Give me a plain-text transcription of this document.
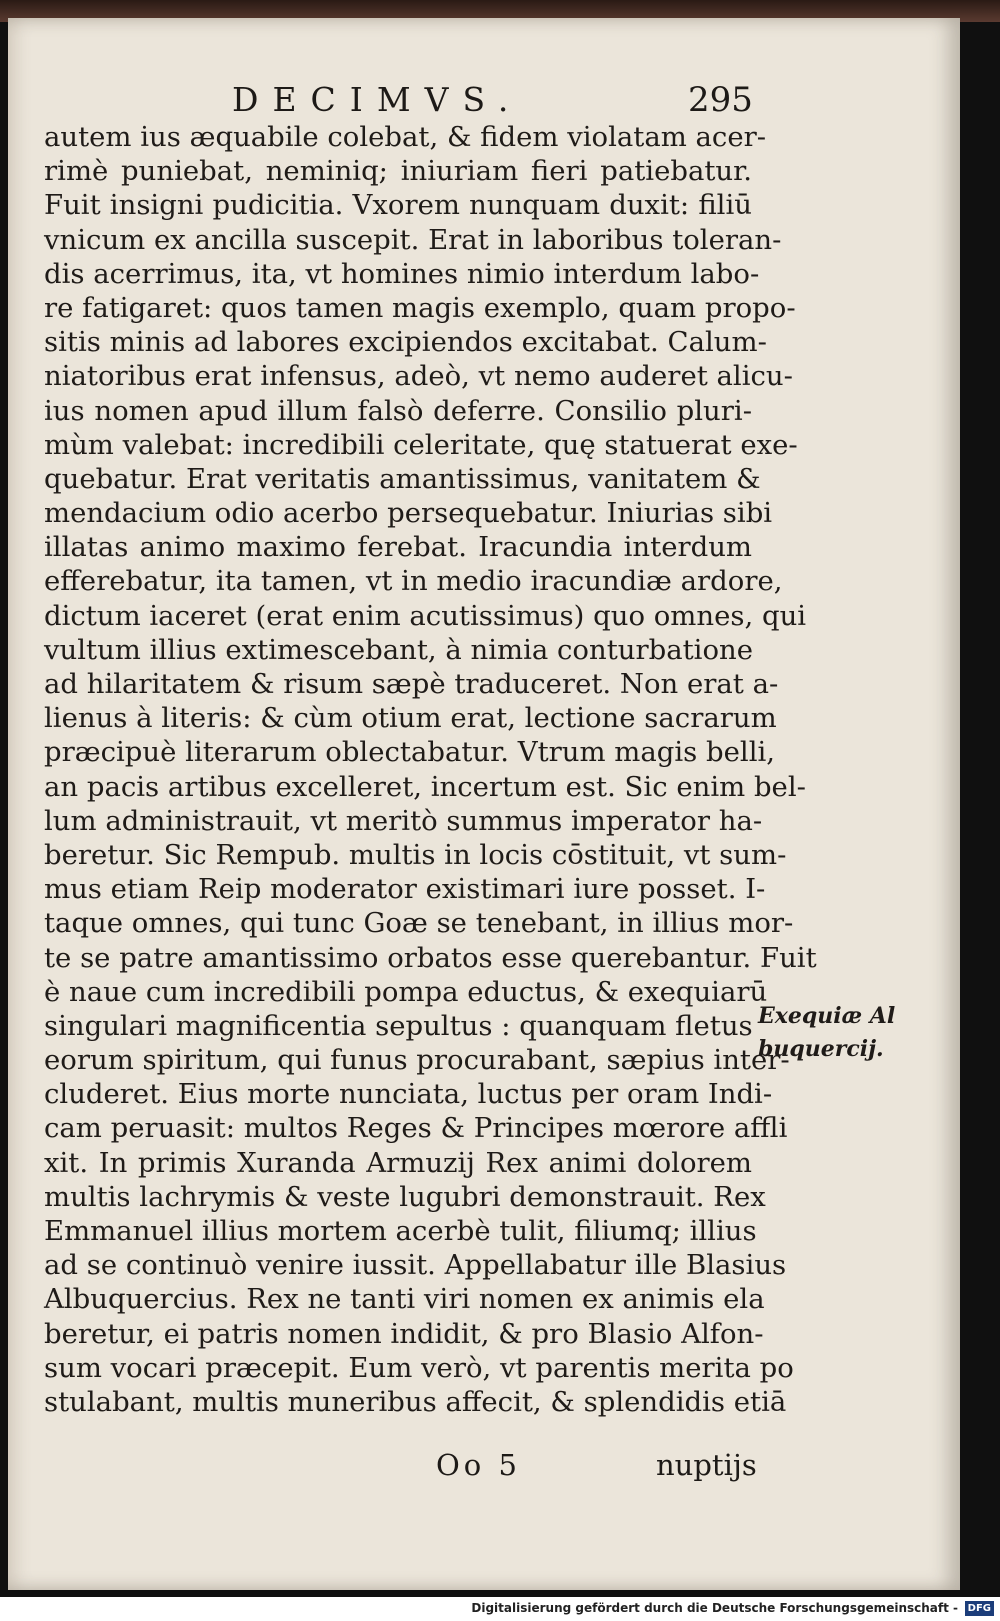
DECIMVS.	295
autem ius æquabile colebat, & fidem violatam acer-
rimè puniebat, neminiq; iniuriam fieri patiebatur.
Fuit insigni pudicitia. Vxorem nunquam duxit: filiū
vnicum ex ancilla suscepit. Erat in laboribus toleran-
dis acerrimus, ita, vt homines nimio interdum labo-
re fatigaret: quos tamen magis exemplo, quam propo-
sitis minis ad labores excipiendos excitabat. Calum-
niatoribus erat infensus, adeò, vt nemo auderet alicu-
ius nomen apud illum falsò deferre. Consilio pluri-
mùm valebat: incredibili celeritate, quę statuerat exe-
quebatur. Erat veritatis amantissimus, vanitatem &
mendacium odio acerbo persequebatur. Iniurias sibi
illatas animo maximo ferebat. Iracundia interdum
efferebatur, ita tamen, vt in medio iracundiæ ardore,
dictum iaceret (erat enim acutissimus) quo omnes, qui
vultum illius extimescebant, à nimia conturbatione
ad hilaritatem & risum sæpè traduceret. Non erat a-
lienus à literis: & cùm otium erat, lectione sacrarum
præcipuè literarum oblectabatur. Vtrum magis belli,
an pacis artibus excelleret, incertum est. Sic enim bel-
lum administrauit, vt meritò summus imperator ha-
beretur. Sic Rempub. multis in locis cōstituit, vt sum-
mus etiam Reip moderator existimari iure posset. I-
taque omnes, qui tunc Goæ se tenebant, in illius mor-
te se patre amantissimo orbatos esse querebantur. Fuit
è naue cum incredibili pompa eductus, & exequiarū
singulari magnificentia sepultus : quanquam fletus
eorum spiritum, qui funus procurabant, sæpius inter-
cluderet. Eius morte nunciata, luctus per oram Indi-
cam peruasit: multos Reges & Principes mœrore affli
xit. In primis Xuranda Armuzij Rex animi dolorem
multis lachrymis & veste lugubri demonstrauit. Rex
Emmanuel illius mortem acerbè tulit, filiumq; illius
ad se continuò venire iussit. Appellabatur ille Blasius
Albuquercius. Rex ne tanti viri nomen ex animis ela
beretur, ei patris nomen indidit, & pro Blasio Alfon-
sum vocari præcepit. Eum verò, vt parentis merita po
stulabant, multis muneribus affecit, & splendidis etiā
Exequiæ Al
buquercij.
Oo 5	nuptijs
Digitalisierung gefördert durch die Deutsche Forschungsgemeinschaft - DFG
